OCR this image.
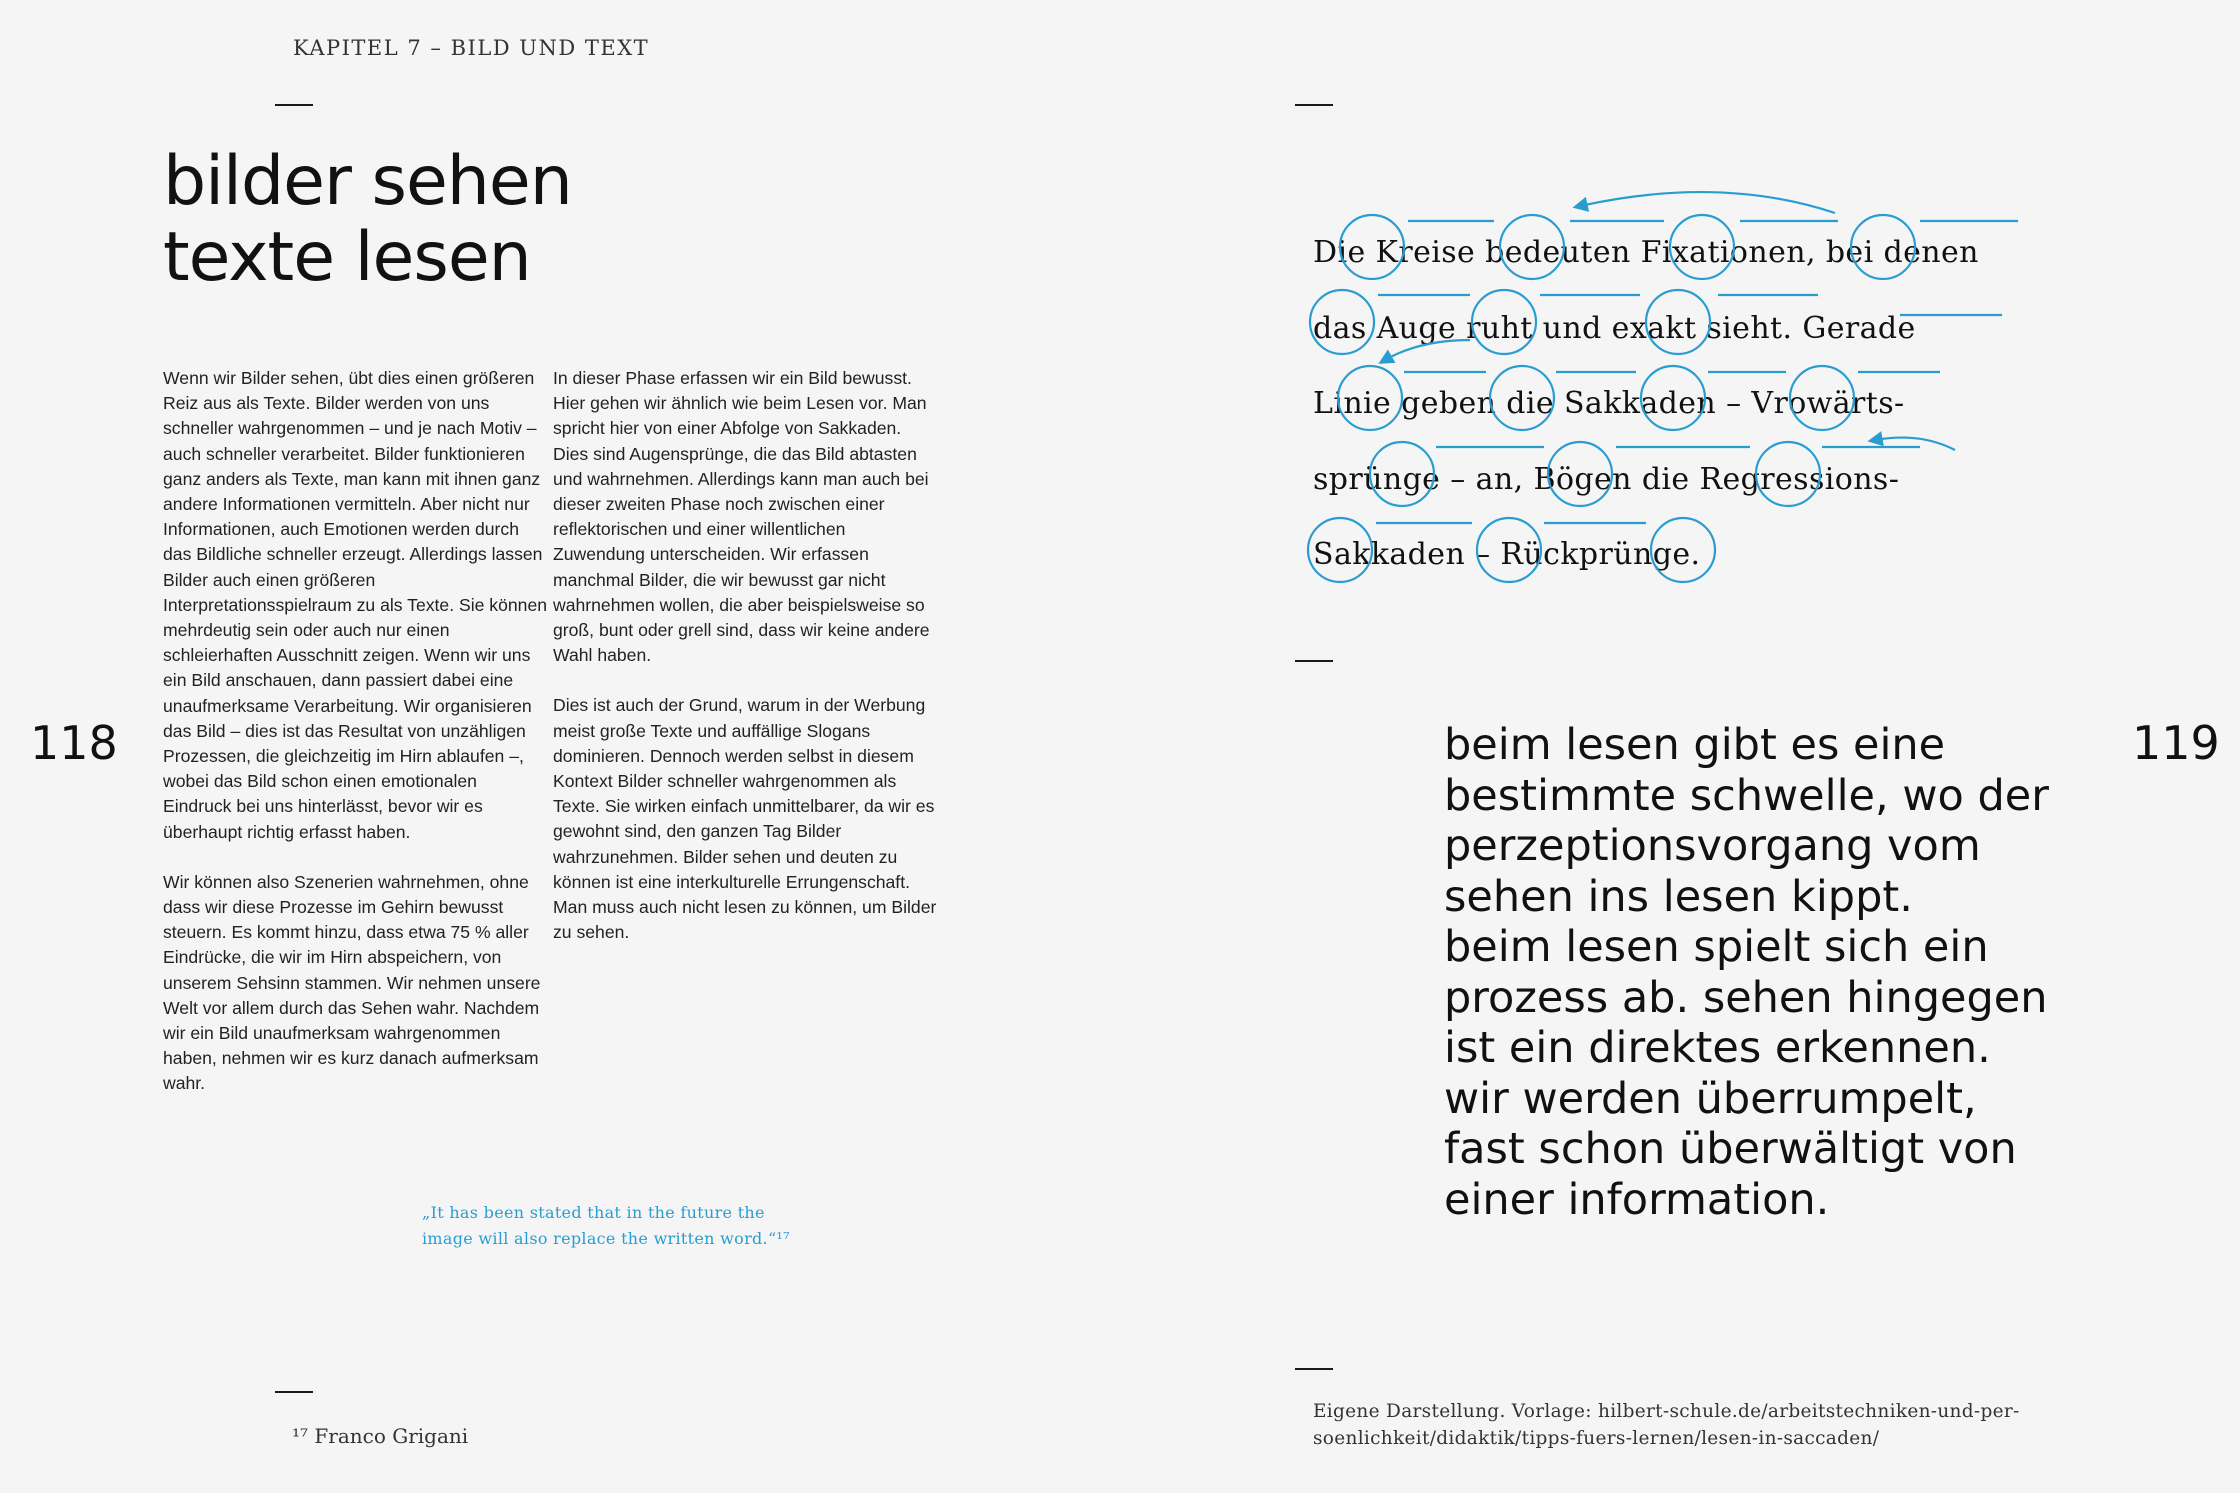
KAPITEL 7 – BILD UND TEXT
bilder sehen
texte lesen

Wenn wir Bilder sehen, übt dies einen größeren Reiz aus als Texte. Bilder werden von uns schneller wahrgenommen – und je nach Motiv – auch schneller verarbeitet. Bilder funktionieren ganz anders als Texte, man kann mit ihnen ganz andere Informationen vermitteln. Aber nicht nur Informationen, auch Emotionen werden durch das Bildliche schneller erzeugt. Allerdings lassen Bilder auch einen größeren Interpretationsspielraum zu als Texte. Sie können mehrdeutig sein oder auch nur einen schleierhaften Ausschnitt zeigen. Wenn wir uns ein Bild anschauen, dann passiert dabei eine unaufmerksame Verarbeitung. Wir organisieren das Bild – dies ist das Resultat von unzähligen Prozessen, die gleichzeitig im Hirn ablaufen –, wobei das Bild schon einen emotionalen Eindruck bei uns hinterlässt, bevor wir es überhaupt richtig erfasst haben.

Wir können also Szenerien wahrnehmen, ohne dass wir diese Prozesse im Gehirn bewusst steuern. Es kommt hinzu, dass etwa 75 % aller Eindrücke, die wir im Hirn abspeichern, von unserem Sehsinn stammen. Wir nehmen unsere Welt vor allem durch das Sehen wahr. Nachdem wir ein Bild unaufmerksam wahrgenommen haben, nehmen wir es kurz danach aufmerksam wahr.

In dieser Phase erfassen wir ein Bild bewusst. Hier gehen wir ähnlich wie beim Lesen vor. Man spricht hier von einer Abfolge von Sakkaden. Dies sind Augensprünge, die das Bild abtasten und wahrnehmen. Allerdings kann man auch bei dieser zweiten Phase noch zwischen einer reflektorischen und einer willentlichen Zuwendung unterscheiden. Wir erfassen manchmal Bilder, die wir bewusst gar nicht wahrnehmen wollen, die aber beispielsweise so groß, bunt oder grell sind, dass wir keine andere Wahl haben.

Dies ist auch der Grund, warum in der Werbung meist große Texte und auffällige Slogans dominieren. Dennoch werden selbst in diesem Kontext Bilder schneller wahrgenommen als Texte. Sie wirken einfach unmittelbarer, da wir es gewohnt sind, den ganzen Tag Bilder wahrzunehmen. Bilder sehen und deuten zu können ist eine interkulturelle Errungenschaft. Man muss auch nicht lesen zu können, um Bilder zu sehen.

118
„It has been stated that in the future the
image will also replace the written word.“¹⁷
¹⁷ Franco Grigani
Die Kreise bedeuten Fixationen, bei denen
das Auge ruht und exakt sieht. Gerade
Linie geben die Sakkaden – Vrowärts-
sprünge – an, Bögen die Regressions-
Sakkaden – Rückprünge.
beim lesen gibt es eine
bestimmte schwelle, wo der
perzeptionsvorgang vom
sehen ins lesen kippt.
beim lesen spielt sich ein
prozess ab. sehen hingegen
ist ein direktes erkennen.
wir werden überrumpelt,
fast schon überwältigt von
einer information.
119
Eigene Darstellung. Vorlage: hilbert-schule.de/arbeitstechniken-und-per-
soenlichkeit/didaktik/tipps-fuers-lernen/lesen-in-saccaden/
